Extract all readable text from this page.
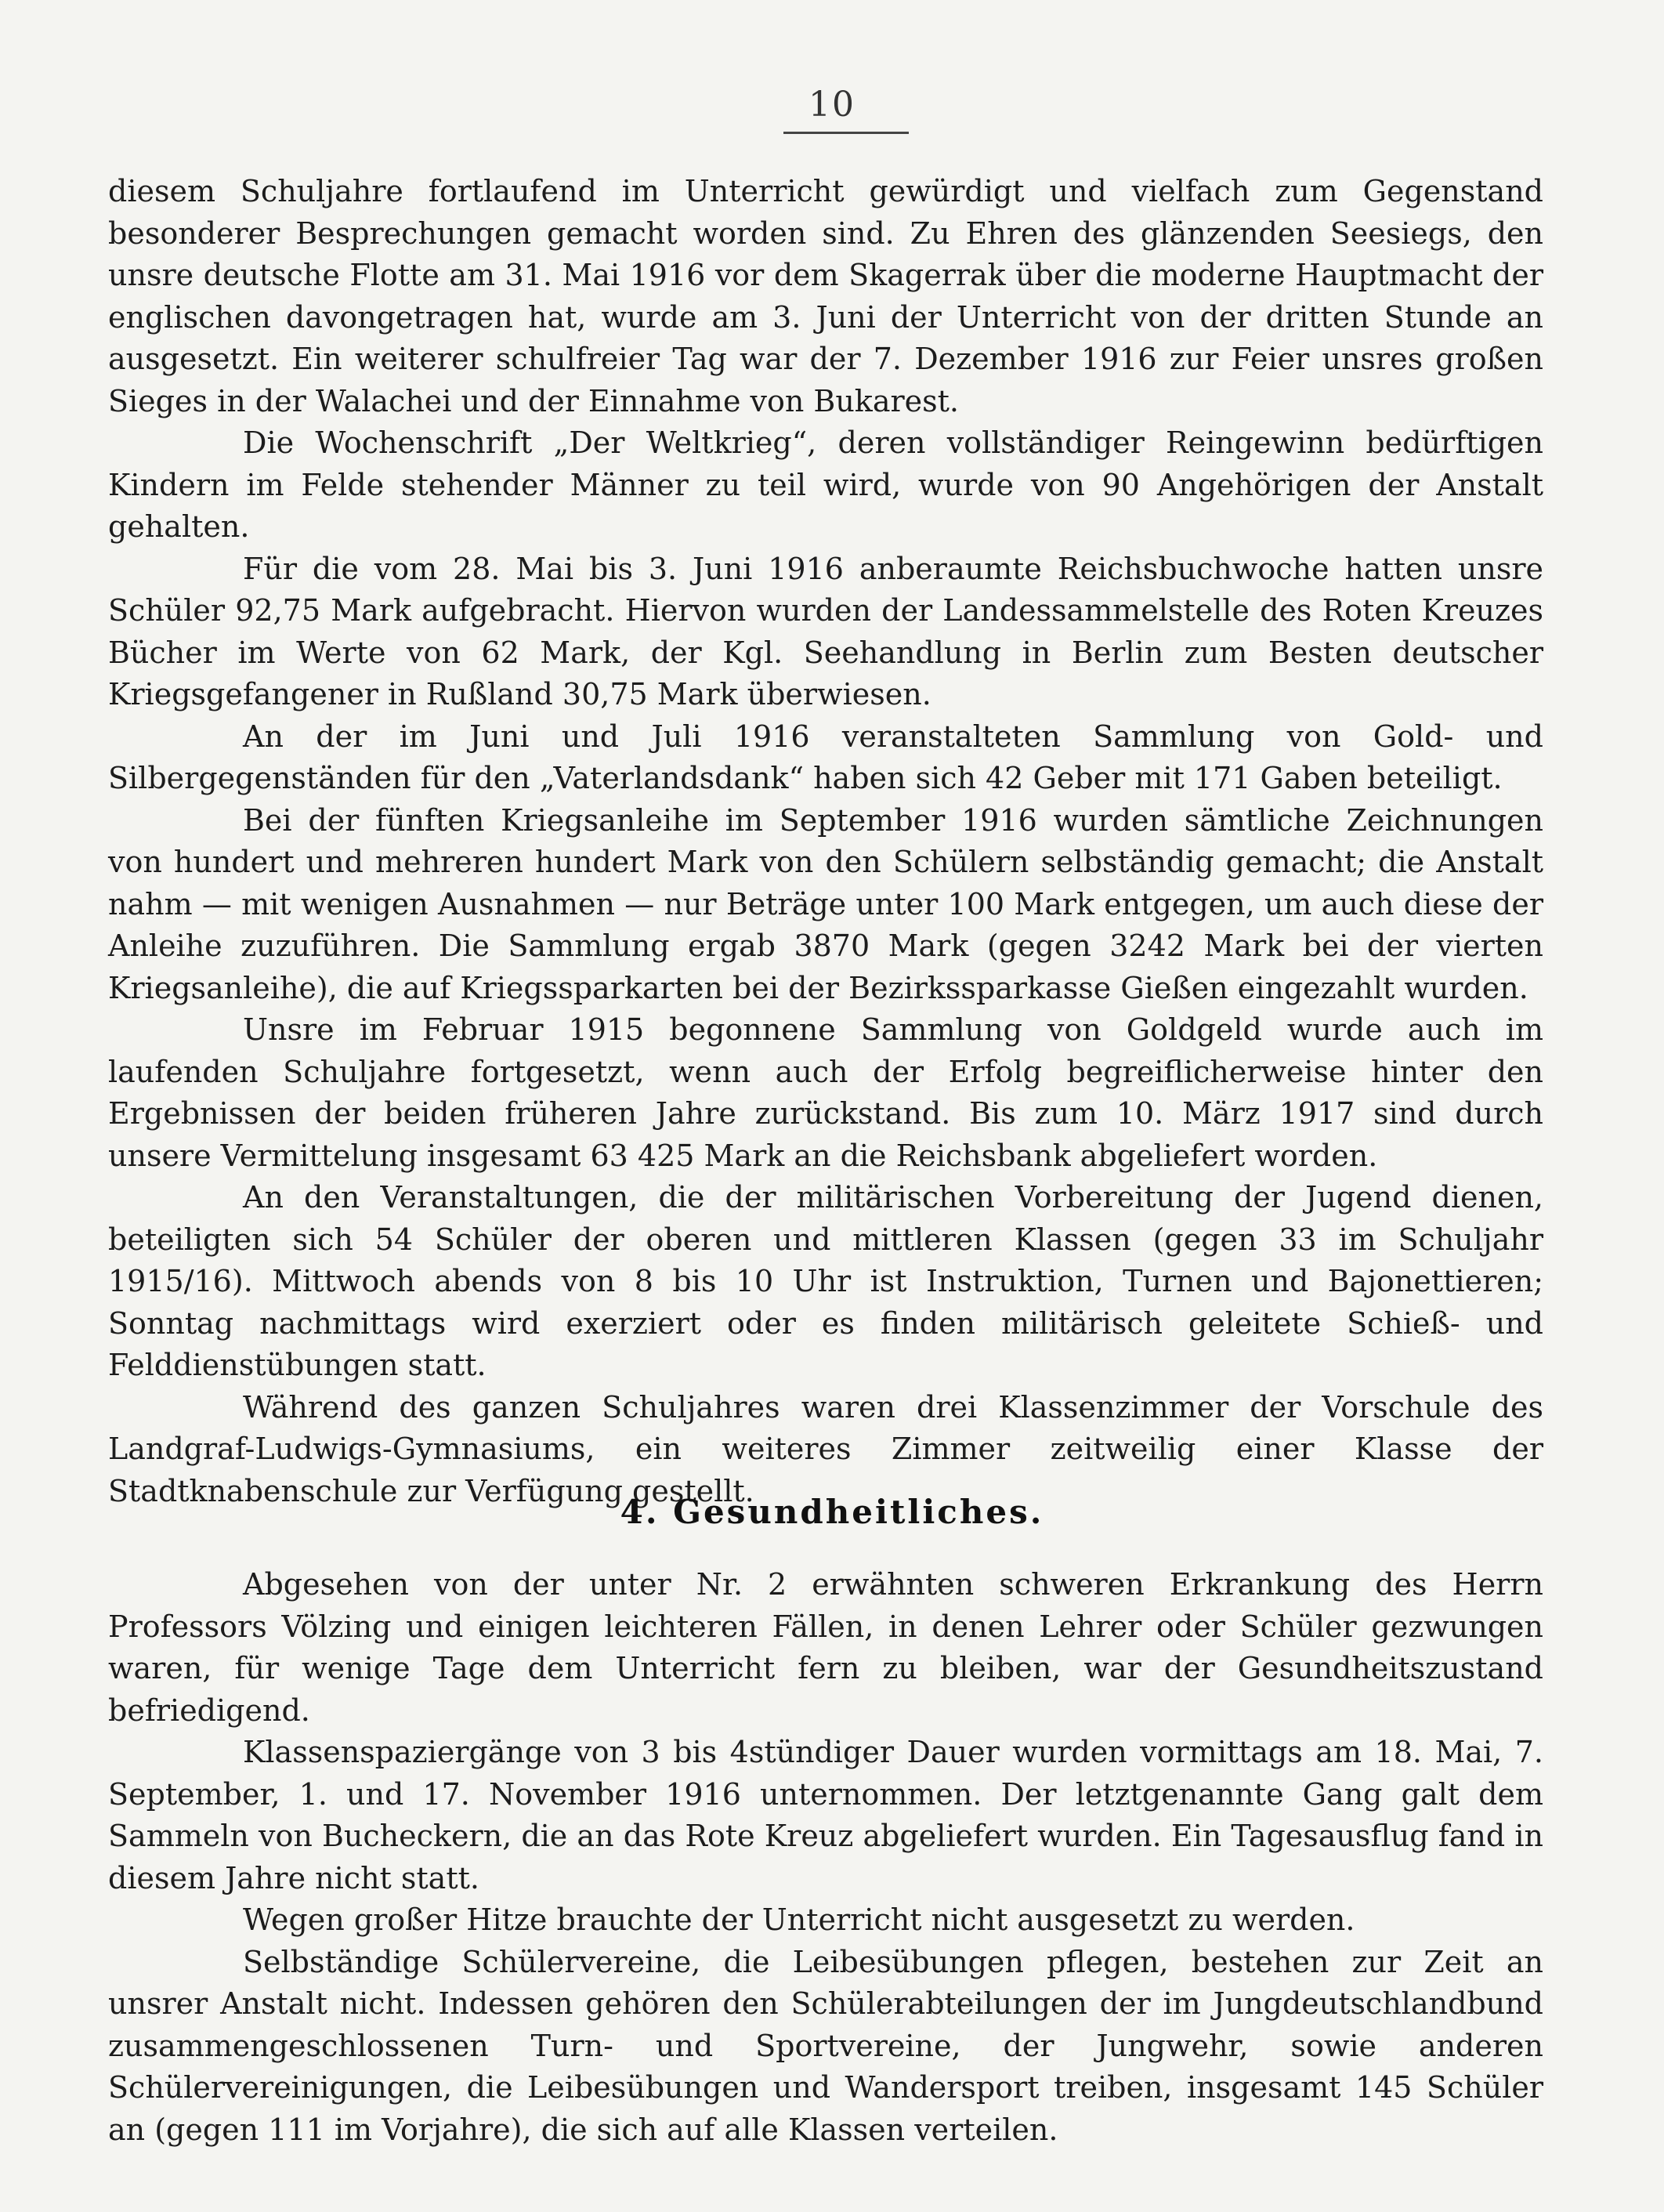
10

diesem Schuljahre fortlaufend im Unterricht gewürdigt und vielfach zum Gegenstand besonderer Besprechungen gemacht worden sind. Zu Ehren des glänzenden Seesiegs, den unsre deutsche Flotte am 31. Mai 1916 vor dem Skagerrak über die moderne Hauptmacht der englischen davongetragen hat, wurde am 3. Juni der Unterricht von der dritten Stunde an ausgesetzt. Ein weiterer schulfreier Tag war der 7. Dezember 1916 zur Feier unsres großen Sieges in der Walachei und der Einnahme von Bukarest.

Die Wochenschrift „Der Weltkrieg“, deren vollständiger Reingewinn bedürftigen Kindern im Felde stehender Männer zu teil wird, wurde von 90 Angehörigen der Anstalt gehalten.

Für die vom 28. Mai bis 3. Juni 1916 anberaumte Reichsbuchwoche hatten unsre Schüler 92,75 Mark aufgebracht. Hiervon wurden der Landessammelstelle des Roten Kreuzes Bücher im Werte von 62 Mark, der Kgl. Seehandlung in Berlin zum Besten deutscher Kriegsgefangener in Rußland 30,75 Mark überwiesen.

An der im Juni und Juli 1916 veranstalteten Sammlung von Gold- und Silbergegenständen für den „Vaterlandsdank“ haben sich 42 Geber mit 171 Gaben beteiligt.

Bei der fünften Kriegsanleihe im September 1916 wurden sämtliche Zeichnungen von hundert und mehreren hundert Mark von den Schülern selbständig gemacht; die Anstalt nahm — mit wenigen Ausnahmen — nur Beträge unter 100 Mark entgegen, um auch diese der Anleihe zuzuführen. Die Sammlung ergab 3870 Mark (gegen 3242 Mark bei der vierten Kriegsanleihe), die auf Kriegssparkarten bei der Bezirkssparkasse Gießen eingezahlt wurden.

Unsre im Februar 1915 begonnene Sammlung von Goldgeld wurde auch im laufenden Schuljahre fortgesetzt, wenn auch der Erfolg begreiflicherweise hinter den Ergebnissen der beiden früheren Jahre zurückstand. Bis zum 10. März 1917 sind durch unsere Vermittelung insgesamt 63 425 Mark an die Reichsbank abgeliefert worden.

An den Veranstaltungen, die der militärischen Vorbereitung der Jugend dienen, beteiligten sich 54 Schüler der oberen und mittleren Klassen (gegen 33 im Schuljahr 1915/16). Mittwoch abends von 8 bis 10 Uhr ist Instruktion, Turnen und Bajonettieren; Sonntag nachmittags wird exerziert oder es finden militärisch geleitete Schieß- und Felddienstübungen statt.

Während des ganzen Schuljahres waren drei Klassenzimmer der Vorschule des Landgraf-Ludwigs-Gymnasiums, ein weiteres Zimmer zeitweilig einer Klasse der Stadtknabenschule zur Verfügung gestellt.

4. Gesundheitliches.

Abgesehen von der unter Nr. 2 erwähnten schweren Erkrankung des Herrn Professors Völzing und einigen leichteren Fällen, in denen Lehrer oder Schüler gezwungen waren, für wenige Tage dem Unterricht fern zu bleiben, war der Gesundheitszustand befriedigend.

Klassenspaziergänge von 3 bis 4stündiger Dauer wurden vormittags am 18. Mai, 7. September, 1. und 17. November 1916 unternommen. Der letztgenannte Gang galt dem Sammeln von Bucheckern, die an das Rote Kreuz abgeliefert wurden. Ein Tagesausflug fand in diesem Jahre nicht statt.

Wegen großer Hitze brauchte der Unterricht nicht ausgesetzt zu werden.

Selbständige Schülervereine, die Leibesübungen pflegen, bestehen zur Zeit an unsrer Anstalt nicht. Indessen gehören den Schülerabteilungen der im Jungdeutschlandbund zusammengeschlossenen Turn- und Sportvereine, der Jungwehr, sowie anderen Schülervereinigungen, die Leibesübungen und Wandersport treiben, insgesamt 145 Schüler an (gegen 111 im Vorjahre), die sich auf alle Klassen verteilen.
